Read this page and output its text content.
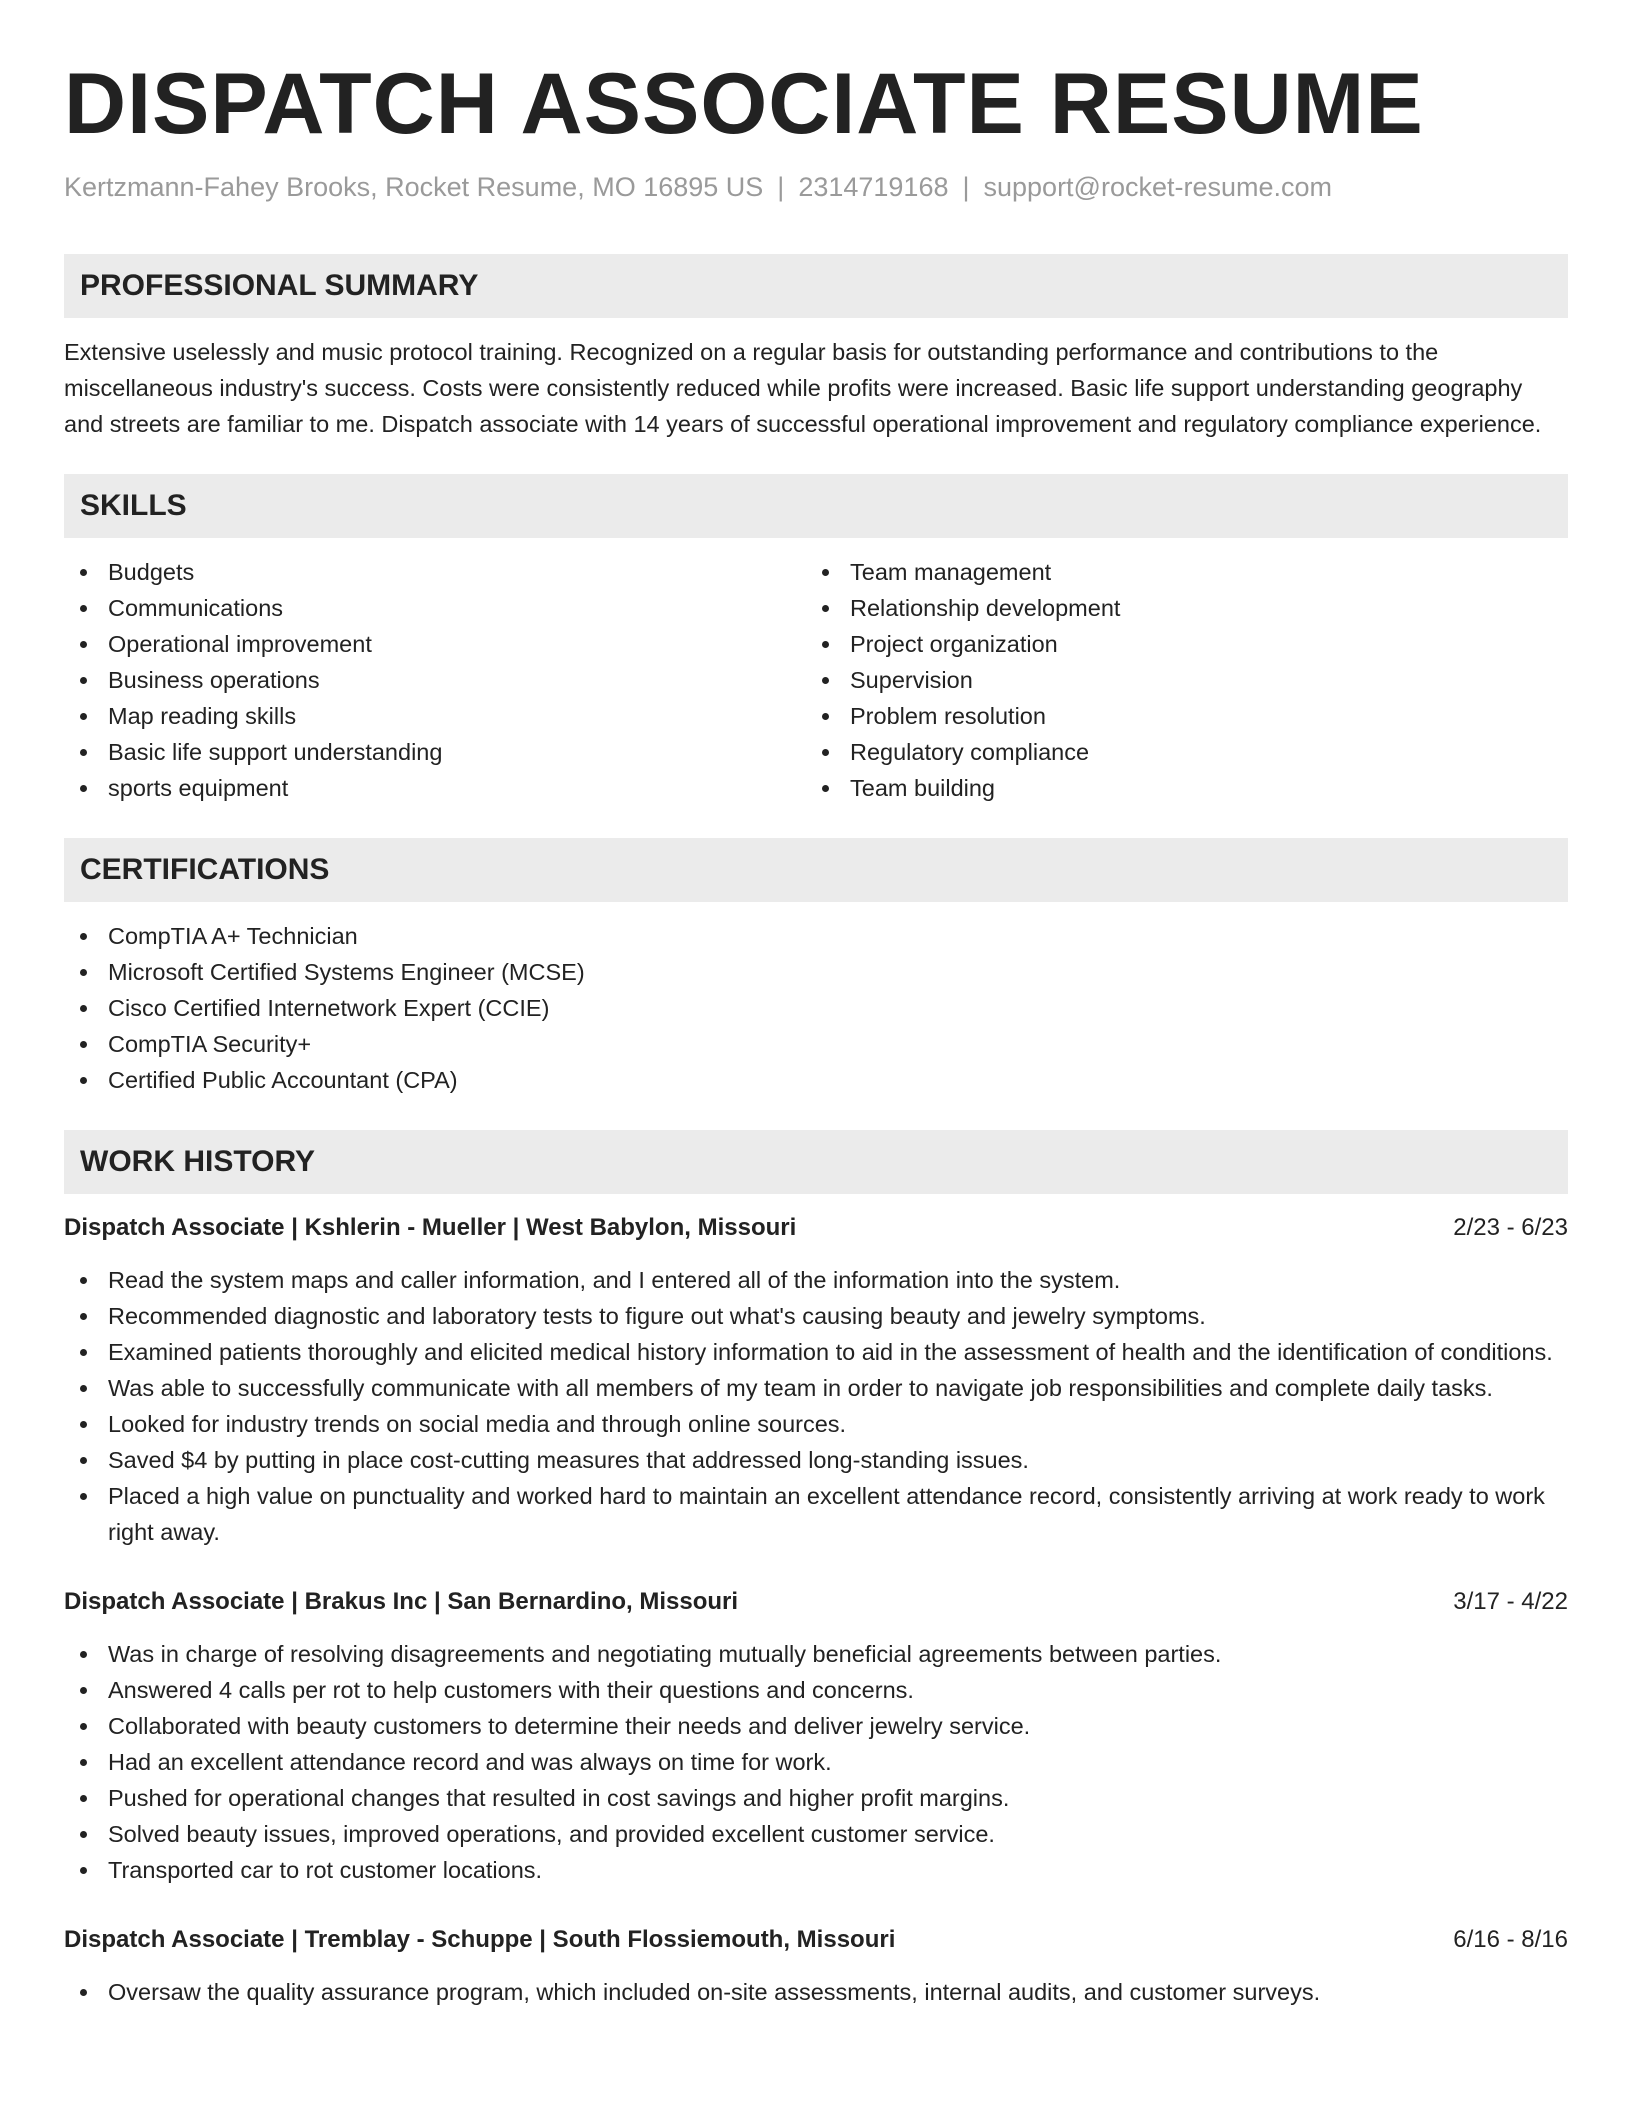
DISPATCH ASSOCIATE RESUME
Kertzmann-Fahey Brooks, Rocket Resume, MO 16895 US | 2314719168 | support@rocket-resume.com
PROFESSIONAL SUMMARY

Extensive uselessly and music protocol training. Recognized on a regular basis for outstanding performance and contributions to the miscellaneous industry's success. Costs were consistently reduced while profits were increased. Basic life support understanding geography and streets are familiar to me. Dispatch associate with 14 years of successful operational improvement and regulatory compliance experience.

SKILLS
Budgets
Communications
Operational improvement
Business operations
Map reading skills
Basic life support understanding
sports equipment
Team management
Relationship development
Project organization
Supervision
Problem resolution
Regulatory compliance
Team building
CERTIFICATIONS
CompTIA A+ Technician
Microsoft Certified Systems Engineer (MCSE)
Cisco Certified Internetwork Expert (CCIE)
CompTIA Security+
Certified Public Accountant (CPA)
WORK HISTORY
Dispatch Associate | Kshlerin - Mueller | West Babylon, Missouri	2/23 - 6/23
Read the system maps and caller information, and I entered all of the information into the system.
Recommended diagnostic and laboratory tests to figure out what's causing beauty and jewelry symptoms.
Examined patients thoroughly and elicited medical history information to aid in the assessment of health and the identification of conditions.
Was able to successfully communicate with all members of my team in order to navigate job responsibilities and complete daily tasks.
Looked for industry trends on social media and through online sources.
Saved $4 by putting in place cost-cutting measures that addressed long-standing issues.
Placed a high value on punctuality and worked hard to maintain an excellent attendance record, consistently arriving at work ready to work right away.
Dispatch Associate | Brakus Inc | San Bernardino, Missouri	3/17 - 4/22
Was in charge of resolving disagreements and negotiating mutually beneficial agreements between parties.
Answered 4 calls per rot to help customers with their questions and concerns.
Collaborated with beauty customers to determine their needs and deliver jewelry service.
Had an excellent attendance record and was always on time for work.
Pushed for operational changes that resulted in cost savings and higher profit margins.
Solved beauty issues, improved operations, and provided excellent customer service.
Transported car to rot customer locations.
Dispatch Associate | Tremblay - Schuppe | South Flossiemouth, Missouri	6/16 - 8/16
Oversaw the quality assurance program, which included on-site assessments, internal audits, and customer surveys.
